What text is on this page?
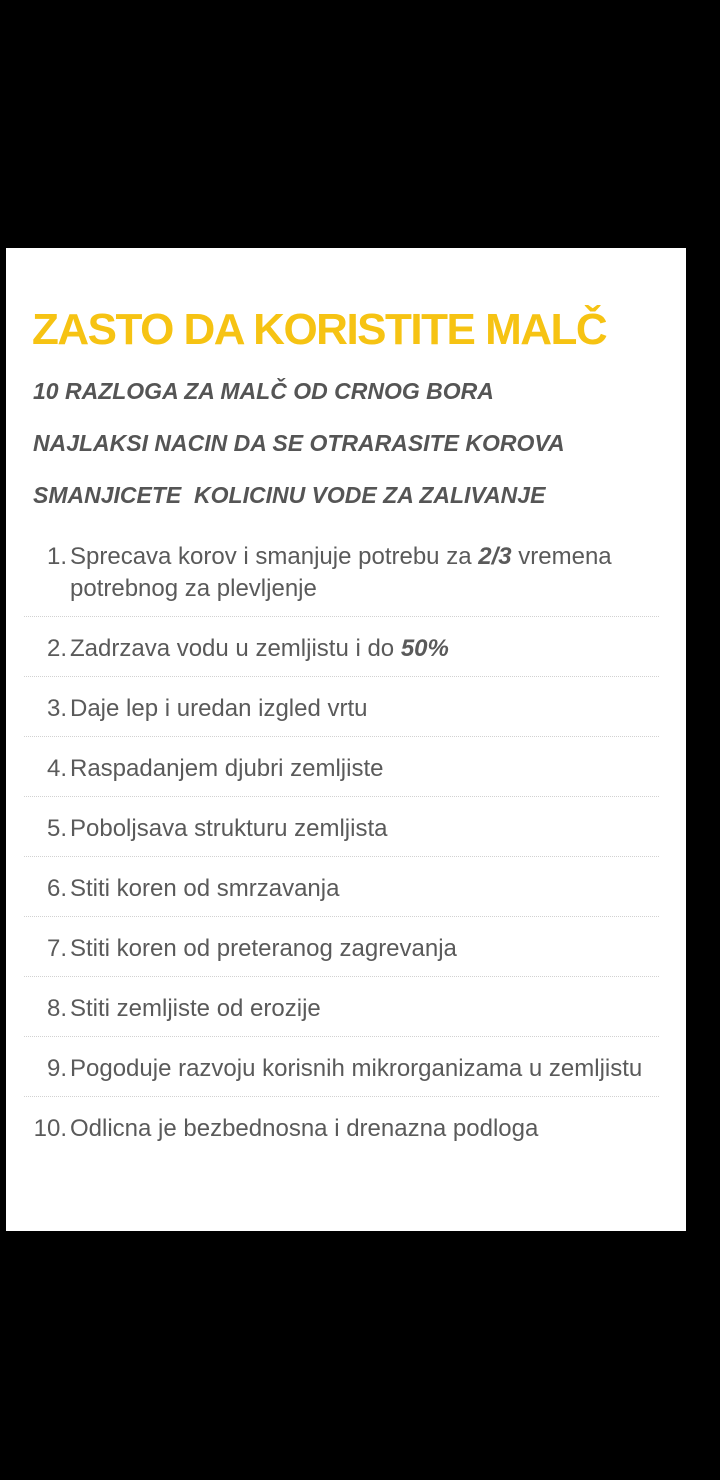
ZASTO DA KORISTITE MALČ
10 RAZLOGA ZA MALČ OD CRNOG BORA
NAJLAKSI NACIN DA SE OTRARASITE KOROVA
SMANJICETE  KOLICINU VODE ZA ZALIVANJE
1. Sprecava korov i smanjuje potrebu za 2/3 vremena potrebnog za plevljenje
2. Zadrzava vodu u zemljistu i do 50%
3. Daje lep i uredan izgled vrtu
4. Raspadanjem djubri zemljiste
5. Poboljsava strukturu zemljista
6. Stiti koren od smrzavanja
7. Stiti koren od preteranog zagrevanja
8. Stiti zemljiste od erozije
9. Pogoduje razvoju korisnih mikrorganizama u zemljistu
10. Odlicna je bezbednosna i drenazna podloga
